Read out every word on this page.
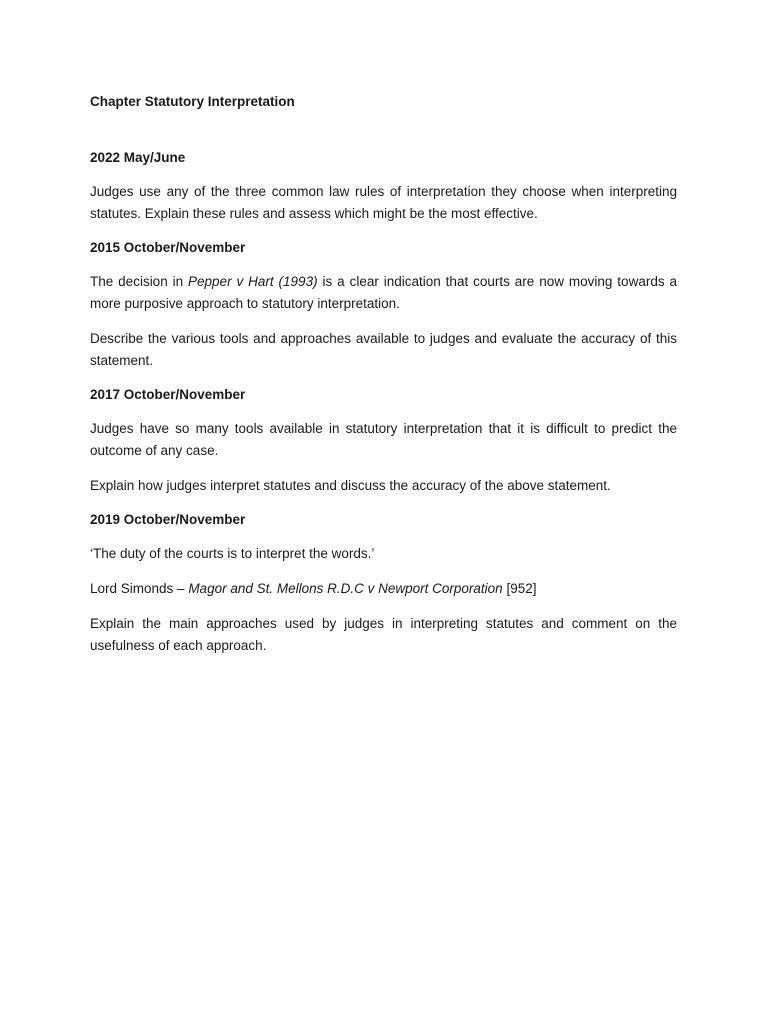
Chapter Statutory Interpretation
2022 May/June
Judges use any of the three common law rules of interpretation they choose when interpreting statutes. Explain these rules and assess which might be the most effective.
2015 October/November
The decision in Pepper v Hart (1993) is a clear indication that courts are now moving towards a more purposive approach to statutory interpretation.
Describe the various tools and approaches available to judges and evaluate the accuracy of this statement.
2017 October/November
Judges have so many tools available in statutory interpretation that it is difficult to predict the outcome of any case.
Explain how judges interpret statutes and discuss the accuracy of the above statement.
2019 October/November
‘The duty of the courts is to interpret the words.’
Lord Simonds – Magor and St. Mellons R.D.C v Newport Corporation [952]
Explain the main approaches used by judges in interpreting statutes and comment on the usefulness of each approach.
